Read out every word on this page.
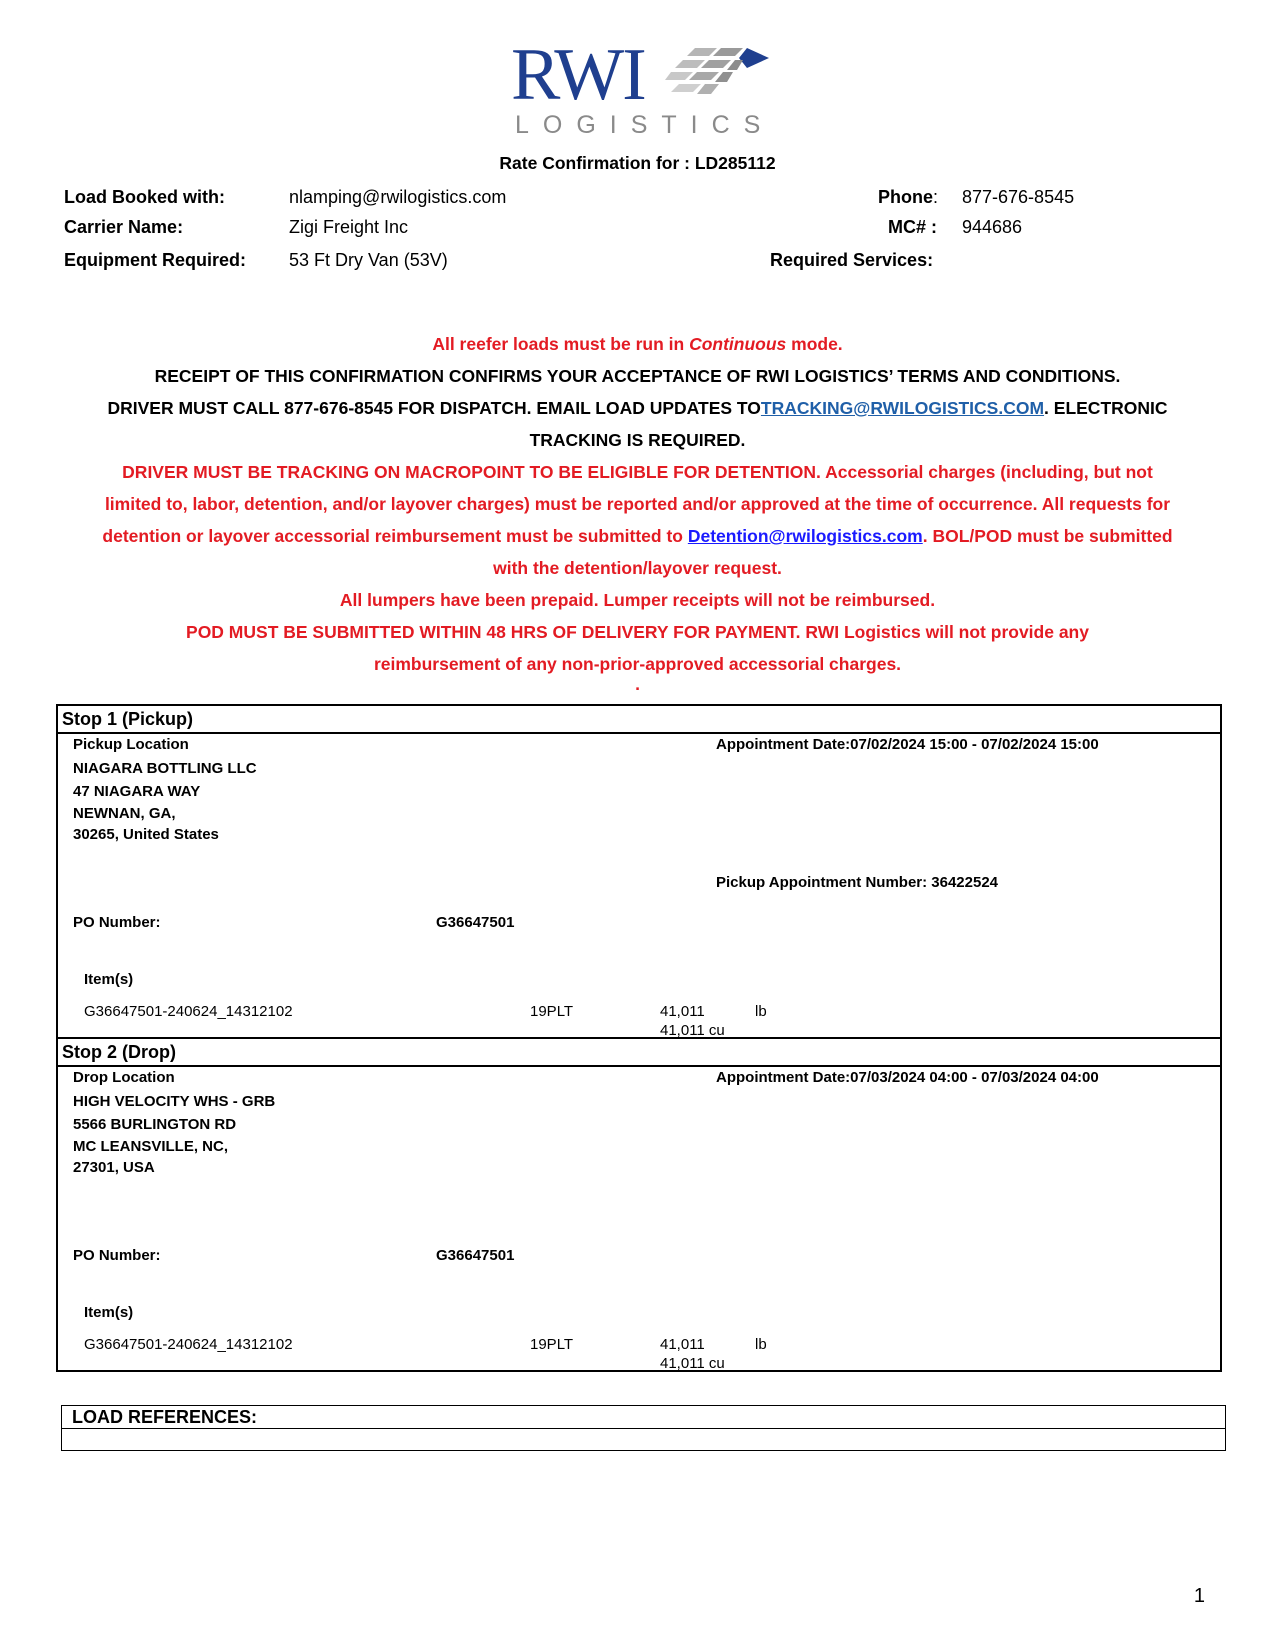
RWI
LOGISTICS
Rate Confirmation for : LD285112
Load Booked with:	nlamping@rwilogistics.com
Carrier Name:	Zigi Freight Inc
Equipment Required: 53 Ft Dry Van (53V)
Phone: 877-676-8545
MC# : 944686
Required Services:
All reefer loads must be run in Continuous mode.
RECEIPT OF THIS CONFIRMATION CONFIRMS YOUR ACCEPTANCE OF RWI LOGISTICS’ TERMS AND CONDITIONS.
DRIVER MUST CALL 877-676-8545 FOR DISPATCH. EMAIL LOAD UPDATES TOTRACKING@RWILOGISTICS.COM. ELECTRONIC
TRACKING IS REQUIRED.
DRIVER MUST BE TRACKING ON MACROPOINT TO BE ELIGIBLE FOR DETENTION. Accessorial charges (including, but not
limited to, labor, detention, and/or layover charges) must be reported and/or approved at the time of occurrence. All requests for
detention or layover accessorial reimbursement must be submitted to Detention@rwilogistics.com. BOL/POD must be submitted
with the detention/layover request.
All lumpers have been prepaid. Lumper receipts will not be reimbursed.
POD MUST BE SUBMITTED WITHIN 48 HRS OF DELIVERY FOR PAYMENT. RWI Logistics will not provide any
reimbursement of any non-prior-approved accessorial charges.
.
Stop 1 (Pickup)
Pickup Location	Appointment Date:07/02/2024 15:00 - 07/02/2024 15:00
NIAGARA BOTTLING LLC
47 NIAGARA WAY
NEWNAN, GA,
30265, United States
Pickup Appointment Number: 36422524
PO Number:	G36647501
Item(s)
G36647501-240624_14312102	19PLT	41,011	lb
41,011 cu
Stop 2 (Drop)
Drop Location	Appointment Date:07/03/2024 04:00 - 07/03/2024 04:00
HIGH VELOCITY WHS - GRB
5566 BURLINGTON RD
MC LEANSVILLE, NC,
27301, USA
PO Number:	G36647501
Item(s)
G36647501-240624_14312102	19PLT	41,011	lb
41,011 cu
LOAD REFERENCES:
1
